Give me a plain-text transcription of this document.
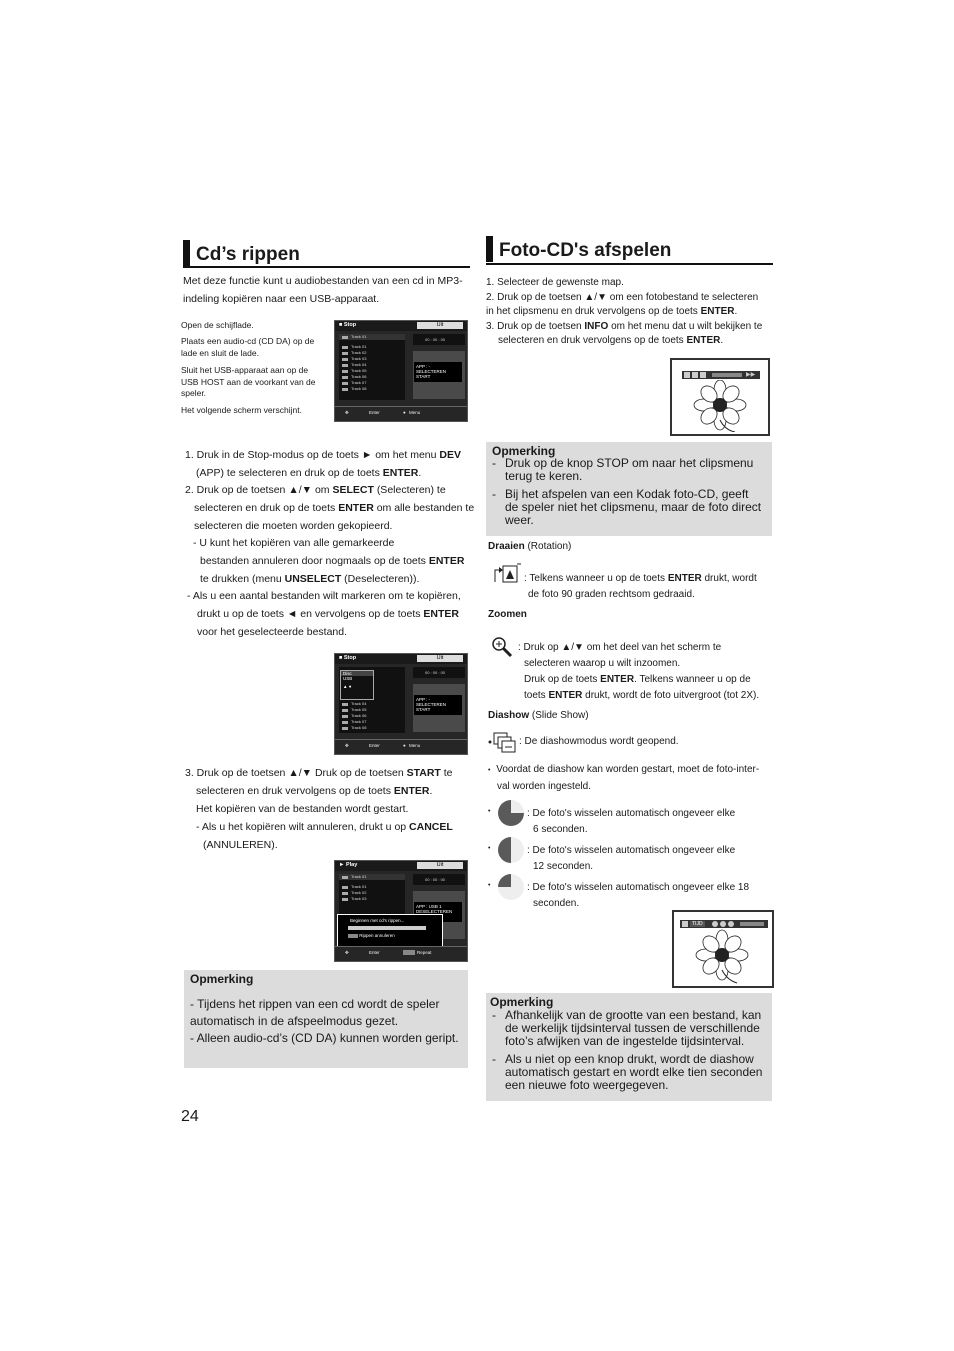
Cd’s rippen
Met deze functie kunt u audiobestanden van een cd in MP3-indeling kopiëren naar een USB-apparaat.
Open de schijflade.
Plaats een audio-cd (CD DA) op de lade en sluit de lade.
Sluit het USB-apparaat aan op de USB HOST aan de voorkant van de speler.
Het volgende scherm verschijnt.
■ Stop	Uit
Track 01
Track 01
Track 02
Track 03
Track 04
Track 05
Track 06
Track 07
Track 08
00 : 00 : 00
APP : -
SELECTEREN
START
✥	Enter	● Menu
1. Druk in de Stop-modus op de toets ► om het menu DEV
(APP) te selecteren en druk op de toets ENTER.
2. Druk op de toetsen ▲/▼ om SELECT (Selecteren) te
selecteren en druk op de toets ENTER om alle bestanden te
selecteren die moeten worden gekopieerd.
- U kunt het kopiëren van alle gemarkeerde
bestanden annuleren door nogmaals op de toets ENTER
te drukken (menu UNSELECT (Deselecteren)).
- Als u een aantal bestanden wilt markeren om te kopiëren,
drukt u op de toets ◄ en vervolgens op de toets ENTER
voor het geselecteerde bestand.
■ Stop	Uit
Track 04
Track 05
Track 06
Track 07
Track 08
Disc
USB
▲ ●
00 : 00 : 00
APP : -
SELECTEREN
START
✥	Enter	● Menu
3. Druk op de toetsen ▲/▼ Druk op de toetsen START te
selecteren en druk vervolgens op de toets ENTER.
Het kopiëren van de bestanden wordt gestart.
- Als u het kopiëren wilt annuleren, drukt u op CANCEL
(ANNULEREN).
► Play	Uit
Track 01
Track 01
Track 02
Track 03
00 : 00 : 00
APP : USB 1
DESELECTEREN
Beginnen met cd's rippen...
Rippen annuleren
✥	Enter	Repeat
Opmerking
- Tijdens het rippen van een cd wordt de speler automatisch in de afspeelmodus gezet.
- Alleen audio-cd’s (CD DA) kunnen worden geript.
24
Foto-CD's afspelen
1. Selecteer de gewenste map.
2. Druk op de toetsen ▲/▼ om een fotobestand te selecteren
in het clipsmenu en druk vervolgens op de toets ENTER.
3. Druk op de toetsen INFO om het menu dat u wilt bekijken te
selecteren en druk vervolgens op de toets ENTER.
▶▶
Opmerking
- Druk op de knop STOP om naar het clipsmenu terug te keren.
- Bij het afspelen van een Kodak foto-CD, geeft de speler niet het clipsmenu, maar de foto direct weer.
Draaien (Rotation)
: Telkens wanneer u op de toets ENTER drukt, wordt
de foto 90 graden rechtsom gedraaid.
Zoomen
: Druk op ▲/▼ om het deel van het scherm te
selecteren waarop u wilt inzoomen.
Druk op de toets ENTER. Telkens wanneer u op de
toets ENTER drukt, wordt de foto uitvergroot (tot 2X).
Diashow (Slide Show)
: De diashowmodus wordt geopend.
• Voordat de diashow kan worden gestart, moet de foto-inter-
val worden ingesteld.
•	: De foto's wisselen automatisch ongeveer elke
6 seconden.
•	: De foto's wisselen automatisch ongeveer elke
12 seconden.
•	: De foto's wisselen automatisch ongeveer elke 18
seconden.
TIJD
Opmerking
- Afhankelijk van de grootte van een bestand, kan de werkelijk tijdsinterval tussen de verschillende foto’s afwijken van de ingestelde tijdsinterval.
- Als u niet op een knop drukt, wordt de diashow automatisch gestart en wordt elke tien seconden een nieuwe foto weergegeven.
